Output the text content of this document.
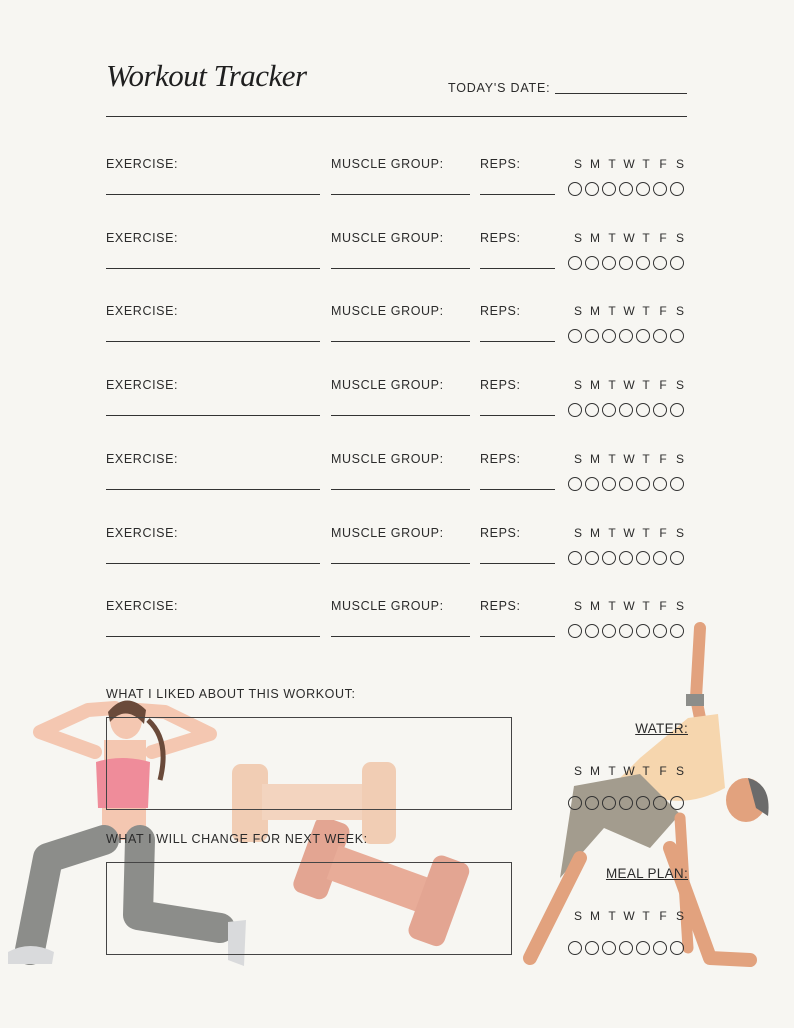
Workout Tracker	TODAY'S DATE:
EXERCISE:	MUSCLE GROUP:	REPS:	S M T W T F S
EXERCISE:	MUSCLE GROUP:	REPS:	S M T W T F S
EXERCISE:	MUSCLE GROUP:	REPS:	S M T W T F S
EXERCISE:	MUSCLE GROUP:	REPS:	S M T W T F S
EXERCISE:	MUSCLE GROUP:	REPS:	S M T W T F S
EXERCISE:	MUSCLE GROUP:	REPS:	S M T W T F S
EXERCISE:	MUSCLE GROUP:	REPS:	S M T W T F S
WHAT I LIKED ABOUT THIS WORKOUT:
WHAT I WILL CHANGE FOR NEXT WEEK:
WATER:
S M T W T F S
MEAL PLAN:
S M T W T F S
